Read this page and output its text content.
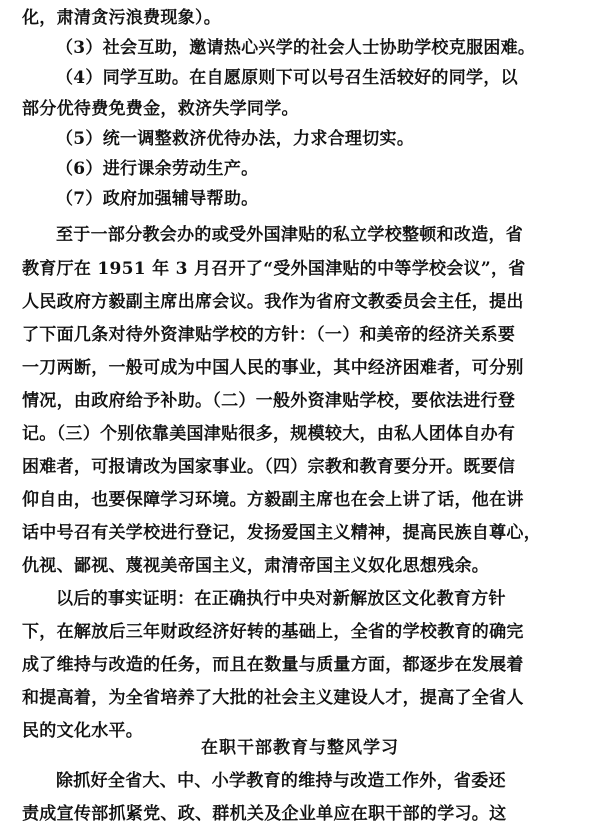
化，肃清贪污浪费现象）。
（3）社会互助，邀请热心兴学的社会人士协助学校克服困难。
（4）同学互助。在自愿原则下可以号召生活较好的同学，以
部分优待费免费金，救济失学同学。
（5）统一调整救济优待办法，力求合理切实。
（6）进行课余劳动生产。
（7）政府加强辅导帮助。
至于一部分教会办的或受外国津贴的私立学校整顿和改造，省
教育厅在 1951 年 3 月召开了“受外国津贴的中等学校会议”，省
人民政府方毅副主席出席会议。我作为省府文教委员会主任，提出
了下面几条对待外资津贴学校的方针：（一）和美帝的经济关系要
一刀两断，一般可成为中国人民的事业，其中经济困难者，可分别
情况，由政府给予补助。（二）一般外资津贴学校，要依法进行登
记。（三）个别依靠美国津贴很多，规模较大，由私人团体自办有
困难者，可报请改为国家事业。（四）宗教和教育要分开。既要信
仰自由，也要保障学习环境。方毅副主席也在会上讲了话，他在讲
话中号召有关学校进行登记，发扬爱国主义精神，提高民族自尊心，
仇视、鄙视、蔑视美帝国主义，肃清帝国主义奴化思想残余。
以后的事实证明：在正确执行中央对新解放区文化教育方针
下，在解放后三年财政经济好转的基础上，全省的学校教育的确完
成了维持与改造的任务，而且在数量与质量方面，都逐步在发展着
和提高着，为全省培养了大批的社会主义建设人才，提高了全省人
民的文化水平。
在职干部教育与整风学习
除抓好全省大、中、小学教育的维持与改造工作外，省委还
责成宣传部抓紧党、政、群机关及企业单应在职干部的学习。这
